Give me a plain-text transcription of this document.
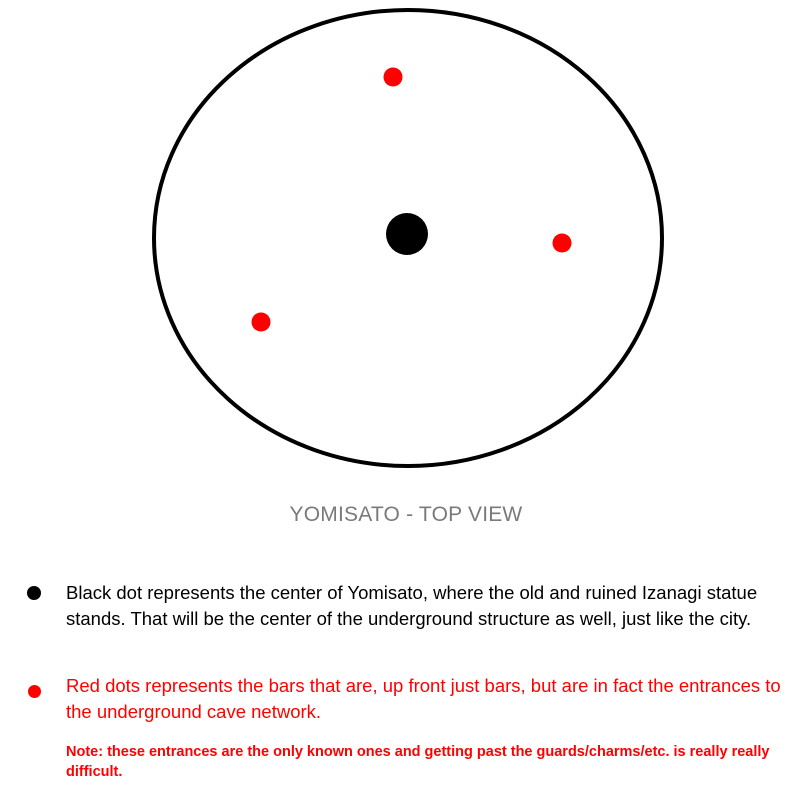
YOMISATO - TOP VIEW
Black dot represents the center of Yomisato, where the old and ruined Izanagi statue stands. That will be the center of the underground structure as well, just like the city.
Red dots represents the bars that are, up front just bars, but are in fact the entrances to the underground cave network.
Note: these entrances are the only known ones and getting past the guards/charms/etc. is really really difficult.
